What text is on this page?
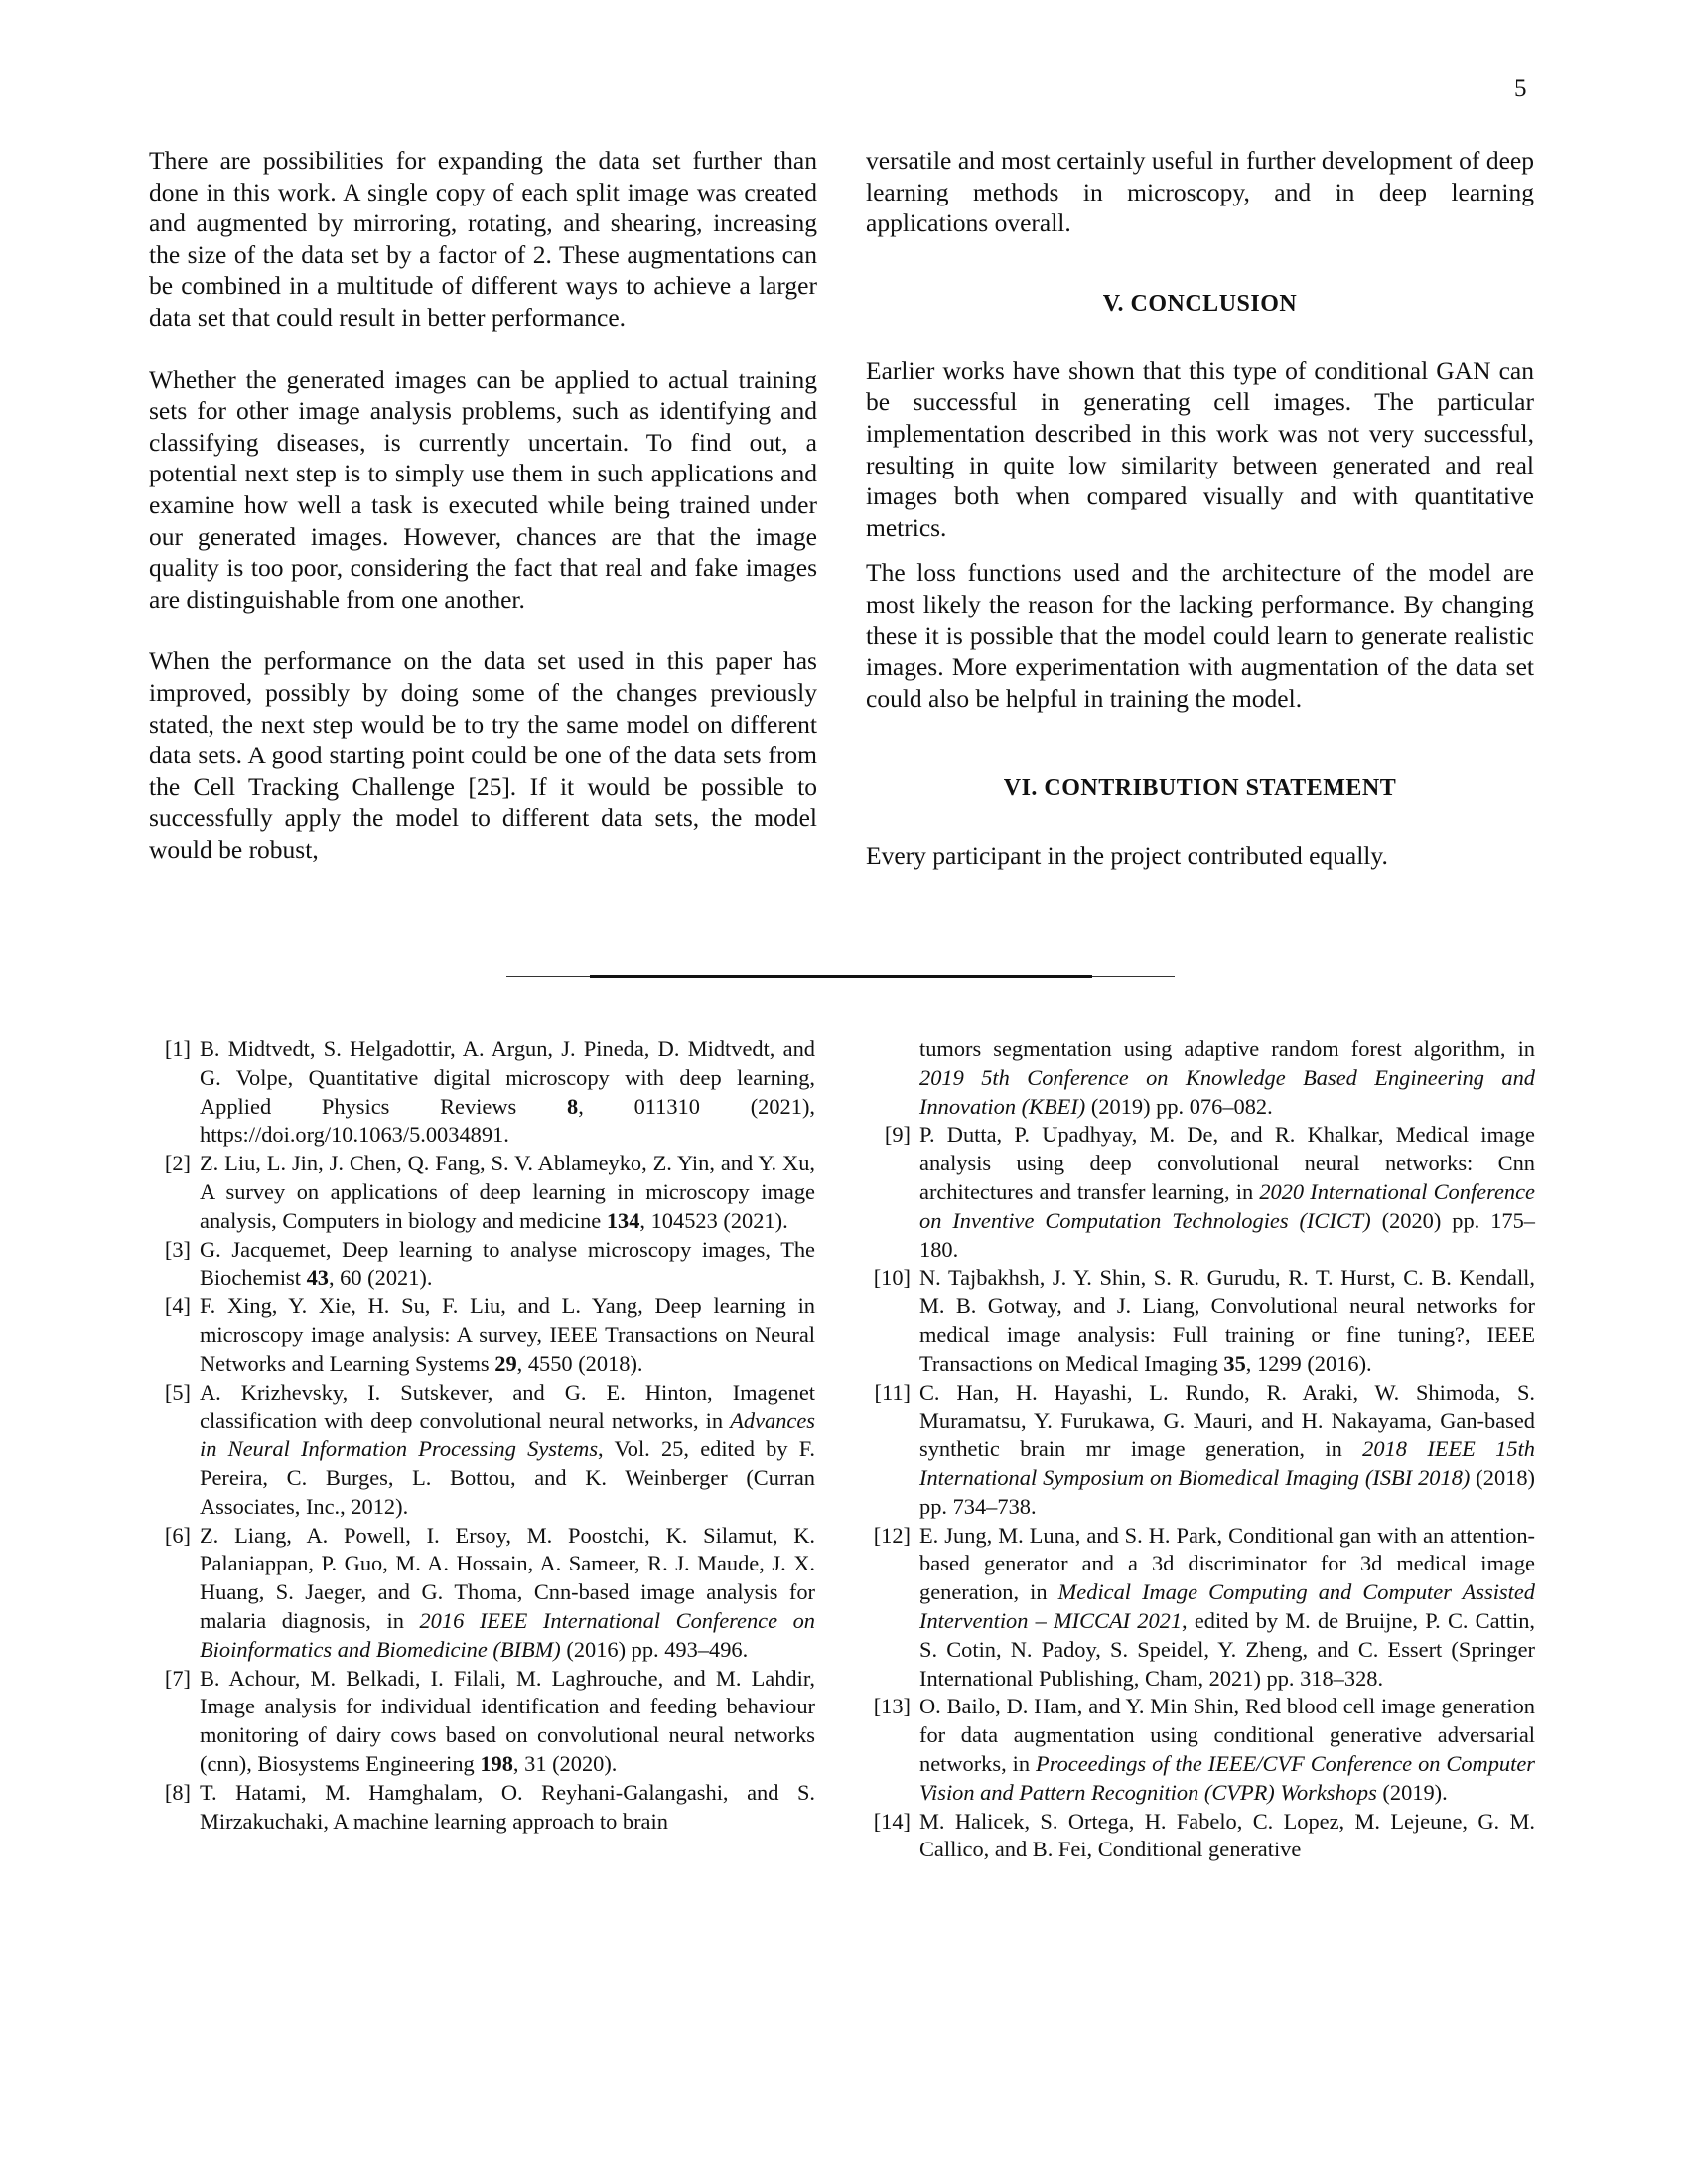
5

There are possibilities for expanding the data set further than done in this work. A single copy of each split image was created and augmented by mirroring, rotating, and shearing, increasing the size of the data set by a factor of 2. These augmentations can be combined in a multitude of different ways to achieve a larger data set that could result in better performance.

Whether the generated images can be applied to actual training sets for other image analysis problems, such as identifying and classifying diseases, is currently uncertain. To find out, a potential next step is to simply use them in such applications and examine how well a task is executed while being trained under our generated images. However, chances are that the image quality is too poor, considering the fact that real and fake images are distinguishable from one another.

When the performance on the data set used in this paper has improved, possibly by doing some of the changes previously stated, the next step would be to try the same model on different data sets. A good starting point could be one of the data sets from the Cell Tracking Challenge [25]. If it would be possible to successfully apply the model to different data sets, the model would be robust,

versatile and most certainly useful in further development of deep learning methods in microscopy, and in deep learning applications overall.

V. CONCLUSION

Earlier works have shown that this type of conditional GAN can be successful in generating cell images. The particular implementation described in this work was not very successful, resulting in quite low similarity between generated and real images both when compared visually and with quantitative metrics.

The loss functions used and the architecture of the model are most likely the reason for the lacking performance. By changing these it is possible that the model could learn to generate realistic images. More experimentation with augmentation of the data set could also be helpful in training the model.

VI. CONTRIBUTION STATEMENT

Every participant in the project contributed equally.

[1] B. Midtvedt, S. Helgadottir, A. Argun, J. Pineda, D. Midtvedt, and G. Volpe, Quantitative digital microscopy with deep learning, Applied Physics Reviews 8, 011310 (2021), https://doi.org/10.1063/5.0034891.

[2] Z. Liu, L. Jin, J. Chen, Q. Fang, S. V. Ablameyko, Z. Yin, and Y. Xu, A survey on applications of deep learning in microscopy image analysis, Computers in biology and medicine 134, 104523 (2021).

[3] G. Jacquemet, Deep learning to analyse microscopy images, The Biochemist 43, 60 (2021).

[4] F. Xing, Y. Xie, H. Su, F. Liu, and L. Yang, Deep learning in microscopy image analysis: A survey, IEEE Transactions on Neural Networks and Learning Systems 29, 4550 (2018).

[5] A. Krizhevsky, I. Sutskever, and G. E. Hinton, Imagenet classification with deep convolutional neural networks, in Advances in Neural Information Processing Systems, Vol. 25, edited by F. Pereira, C. Burges, L. Bottou, and K. Weinberger (Curran Associates, Inc., 2012).

[6] Z. Liang, A. Powell, I. Ersoy, M. Poostchi, K. Silamut, K. Palaniappan, P. Guo, M. A. Hossain, A. Sameer, R. J. Maude, J. X. Huang, S. Jaeger, and G. Thoma, Cnn-based image analysis for malaria diagnosis, in 2016 IEEE International Conference on Bioinformatics and Biomedicine (BIBM) (2016) pp. 493–496.

[7] B. Achour, M. Belkadi, I. Filali, M. Laghrouche, and M. Lahdir, Image analysis for individual identification and feeding behaviour monitoring of dairy cows based on convolutional neural networks (cnn), Biosystems Engineering 198, 31 (2020).

[8] T. Hatami, M. Hamghalam, O. Reyhani-Galangashi, and S. Mirzakuchaki, A machine learning approach to brain

tumors segmentation using adaptive random forest algorithm, in 2019 5th Conference on Knowledge Based Engineering and Innovation (KBEI) (2019) pp. 076–082.

[9] P. Dutta, P. Upadhyay, M. De, and R. Khalkar, Medical image analysis using deep convolutional neural networks: Cnn architectures and transfer learning, in 2020 International Conference on Inventive Computation Technologies (ICICT) (2020) pp. 175–180.

[10] N. Tajbakhsh, J. Y. Shin, S. R. Gurudu, R. T. Hurst, C. B. Kendall, M. B. Gotway, and J. Liang, Convolutional neural networks for medical image analysis: Full training or fine tuning?, IEEE Transactions on Medical Imaging 35, 1299 (2016).

[11] C. Han, H. Hayashi, L. Rundo, R. Araki, W. Shimoda, S. Muramatsu, Y. Furukawa, G. Mauri, and H. Nakayama, Gan-based synthetic brain mr image generation, in 2018 IEEE 15th International Symposium on Biomedical Imaging (ISBI 2018) (2018) pp. 734–738.

[12] E. Jung, M. Luna, and S. H. Park, Conditional gan with an attention-based generator and a 3d discriminator for 3d medical image generation, in Medical Image Computing and Computer Assisted Intervention – MICCAI 2021, edited by M. de Bruijne, P. C. Cattin, S. Cotin, N. Padoy, S. Speidel, Y. Zheng, and C. Essert (Springer International Publishing, Cham, 2021) pp. 318–328.

[13] O. Bailo, D. Ham, and Y. Min Shin, Red blood cell image generation for data augmentation using conditional generative adversarial networks, in Proceedings of the IEEE/CVF Conference on Computer Vision and Pattern Recognition (CVPR) Workshops (2019).

[14] M. Halicek, S. Ortega, H. Fabelo, C. Lopez, M. Lejeune, G. M. Callico, and B. Fei, Conditional generative
